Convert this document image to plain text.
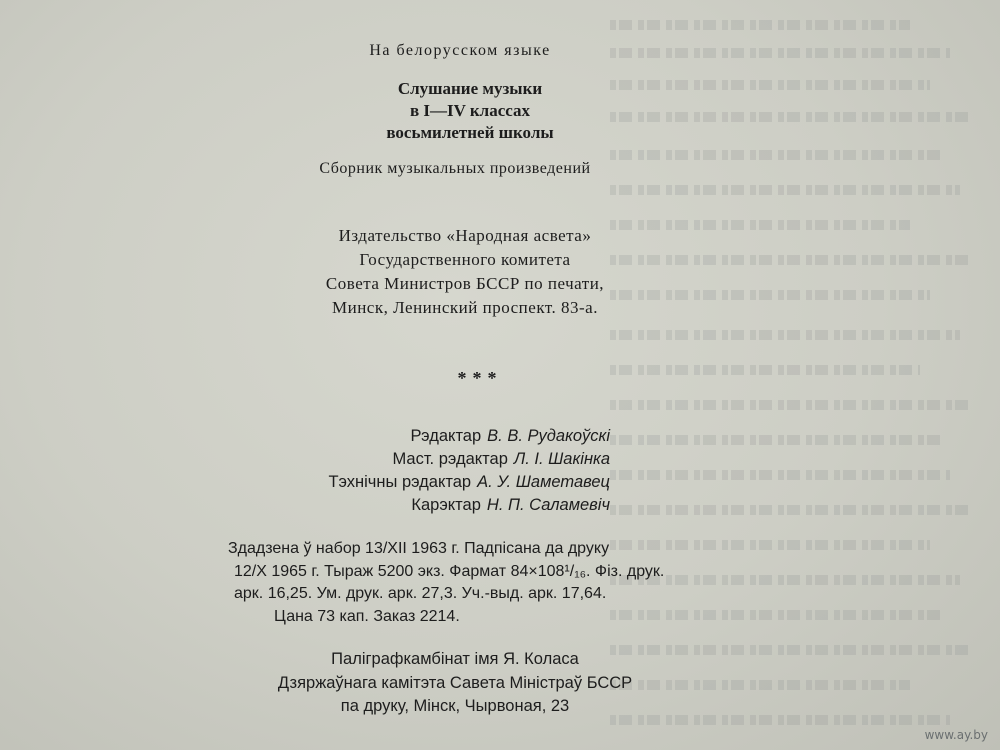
На белорусском языке
Слушание музыки
в I—IV классах
восьмилетней школы
Сборник музыкальных произведений
Издательство «Народная асвета»
Государственного комитета
Совета Министров БССР по печати,
Минск, Ленинский проспект. 83-а.
***
Рэдактар В. В. Рудакоўскі
Маст. рэдактар Л. І. Шакінка
Тэхнічны рэдактар А. У. Шаметавец
Карэктар Н. П. Саламевіч
Здадзена ў набор 13/XII 1963 г. Падпісана да друку
12/X 1965 г. Тыраж 5200 экз. Фармат 84×108¹/₁₆. Фіз. друк.
арк. 16,25. Ум. друк. арк. 27,3. Уч.-выд. арк. 17,64.
Цана 73 кап. Заказ 2214.
Паліграфкамбінат імя Я. Коласа
Дзяржаўнага камітэта Савета Міністраў БССР
па друку, Мінск, Чырвоная, 23
www.ay.by
